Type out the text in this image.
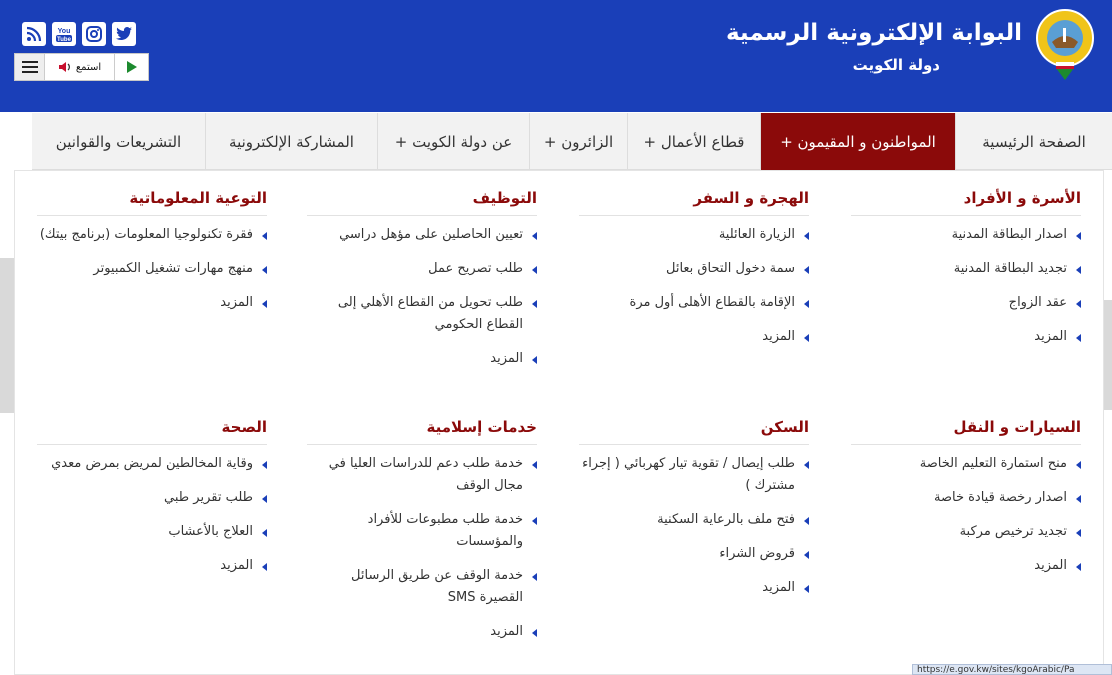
البوابة الإلكترونية الرسمية
دولة الكويت
You
Tube
استمع
الصفحة الرئيسية
المواطنون و المقيمون +
قطاع الأعمال +
الزائرون +
عن دولة الكويت +
المشاركة الإلكترونية
التشريعات والقوانين
الأسرة و الأفراد
اصدار البطاقة المدنية
تجديد البطاقة المدنية
عقد الزواج
المزيد
الهجرة و السفر
الزيارة العائلية
سمة دخول التحاق بعائل
الإقامة بالقطاع الأهلى أول مرة
المزيد
التوظيف
تعيين الحاصلين على مؤهل دراسي
طلب تصريح عمل
طلب تحويل من القطاع الأهلي إلى القطاع الحكومي
المزيد
التوعية المعلوماتية
فقرة تكنولوجيا المعلومات (برنامج بيتك)
منهج مهارات تشغيل الكمبيوتر
المزيد
السيارات و النقل
منح استمارة التعليم الخاصة
اصدار رخصة قيادة خاصة
تجديد ترخيص مركبة
المزيد
السكن
طلب إيصال / تقوية تيار كهربائي ( إجراء مشترك )
فتح ملف بالرعاية السكنية
قروض الشراء
المزيد
خدمات إسلامية
خدمة طلب دعم للدراسات العليا في مجال الوقف
خدمة طلب مطبوعات للأفراد والمؤسسات
خدمة الوقف عن طريق الرسائل القصيرة SMS
المزيد
الصحة
وقاية المخالطين لمريض بمرض معدي
طلب تقرير طبي
العلاج بالأعشاب
المزيد
https://e.gov.kw/sites/kgoArabic/Pa
